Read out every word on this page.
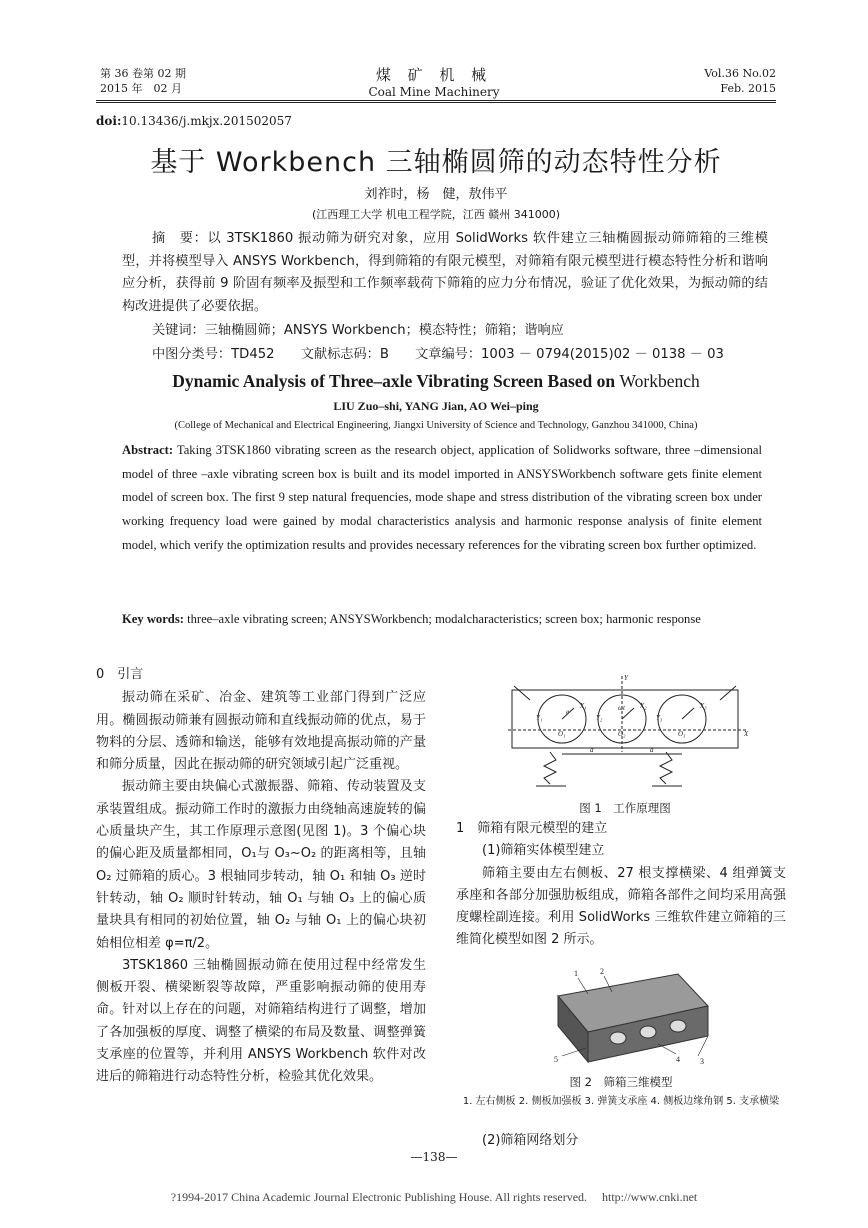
第 36 卷第 02 期
2015 年　02 月
煤 矿 机 械
Coal Mine Machinery
Vol.36 No.02
Feb. 2015
doi:10.13436/j.mkjx.201502057
基于 Workbench 三轴椭圆筛的动态特性分析
刘祚时，杨　健，敖伟平
(江西理工大学 机电工程学院，江西 赣州 341000)
摘　要：以 3TSK1860 振动筛为研究对象，应用 SolidWorks 软件建立三轴椭圆振动筛筛箱的三维模型，并将模型导入 ANSYS Workbench，得到筛箱的有限元模型，对筛箱有限元模型进行模态特性分析和谐响应分析，获得前 9 阶固有频率及振型和工作频率载荷下筛箱的应力分布情况，验证了优化效果，为振动筛的结构改进提供了必要依据。
关键词：三轴椭圆筛；ANSYS Workbench；模态特性；筛箱；谐响应
中图分类号：TD452 文献标志码：B 文章编号：1003 － 0794(2015)02 － 0138 － 03
Dynamic Analysis of Three–axle Vibrating Screen Based on Workbench
LIU Zuo–shi, YANG Jian, AO Wei–ping
(College of Mechanical and Electrical Engineering, Jiangxi University of Science and Technology, Ganzhou 341000, China)
Abstract: Taking 3TSK1860 vibrating screen as the research object, application of Solidworks software, three –dimensional model of three –axle vibrating screen box is built and its model imported in ANSYSWorkbench software gets finite element model of screen box. The first 9 step natural frequencies, mode shape and stress distribution of the vibrating screen box under working frequency load were gained by modal characteristics analysis and harmonic response analysis of finite element model, which verify the optimization results and provides necessary references for the vibrating screen box further optimized.
Key words: three–axle vibrating screen; ANSYSWorkbench; modalcharacteristics; screen box; harmonic response
0　引言

振动筛在采矿、冶金、建筑等工业部门得到广泛应用。椭圆振动筛兼有圆振动筛和直线振动筛的优点，易于物料的分层、透筛和输送，能够有效地提高振动筛的产量和筛分质量，因此在振动筛的研究领域引起广泛重视。

振动筛主要由块偏心式激振器、筛箱、传动装置及支承装置组成。振动筛工作时的激振力由绕轴高速旋转的偏心质量块产生，其工作原理示意图(见图 1)。3 个偏心块的偏心距及质量都相同，O₁与 O₃~O₂ 的距离相等，且轴 O₂ 过筛箱的质心。3 根轴同步转动，轴 O₁ 和轴 O₃ 逆时针转动，轴 O₂ 顺时针转动，轴 O₁ 与轴 O₃ 上的偏心质量块具有相同的初始位置，轴 O₂ 与轴 O₁ 上的偏心块初始相位相差 φ=π/2。

3TSK1860 三轴椭圆振动筛在使用过程中经常发生侧板开裂、横梁断裂等故障，严重影响振动筛的使用寿命。针对以上存在的问题，对筛箱结构进行了调整，增加了各加强板的厚度、调整了横梁的布局及数量、调整弹簧支承座的位置等，并利用 ANSYS Workbench 软件对改进后的筛箱进行动态特性分析，检验其优化效果。

Y
X
Y₁
X₁
Y₂
X₂
Y₃
X₃
O₁	O₂	O₃
e	ωt
a	a
图 1　工作原理图
1　筛箱有限元模型的建立
(1)筛箱实体模型建立

筛箱主要由左右侧板、27 根支撑横梁、4 组弹簧支承座和各部分加强肋板组成，筛箱各部件之间均采用高强度螺栓副连接。利用 SolidWorks 三维软件建立筛箱的三维简化模型如图 2 所示。

1	2
3
4
5
图 2　筛箱三维模型
1. 左右侧板 2. 侧板加强板 3. 弹簧支承座 4. 侧板边缘角钢 5. 支承横梁
(2)筛箱网络划分
—138—
?1994-2017 China Academic Journal Electronic Publishing House. All rights reserved.　 http://www.cnki.net
